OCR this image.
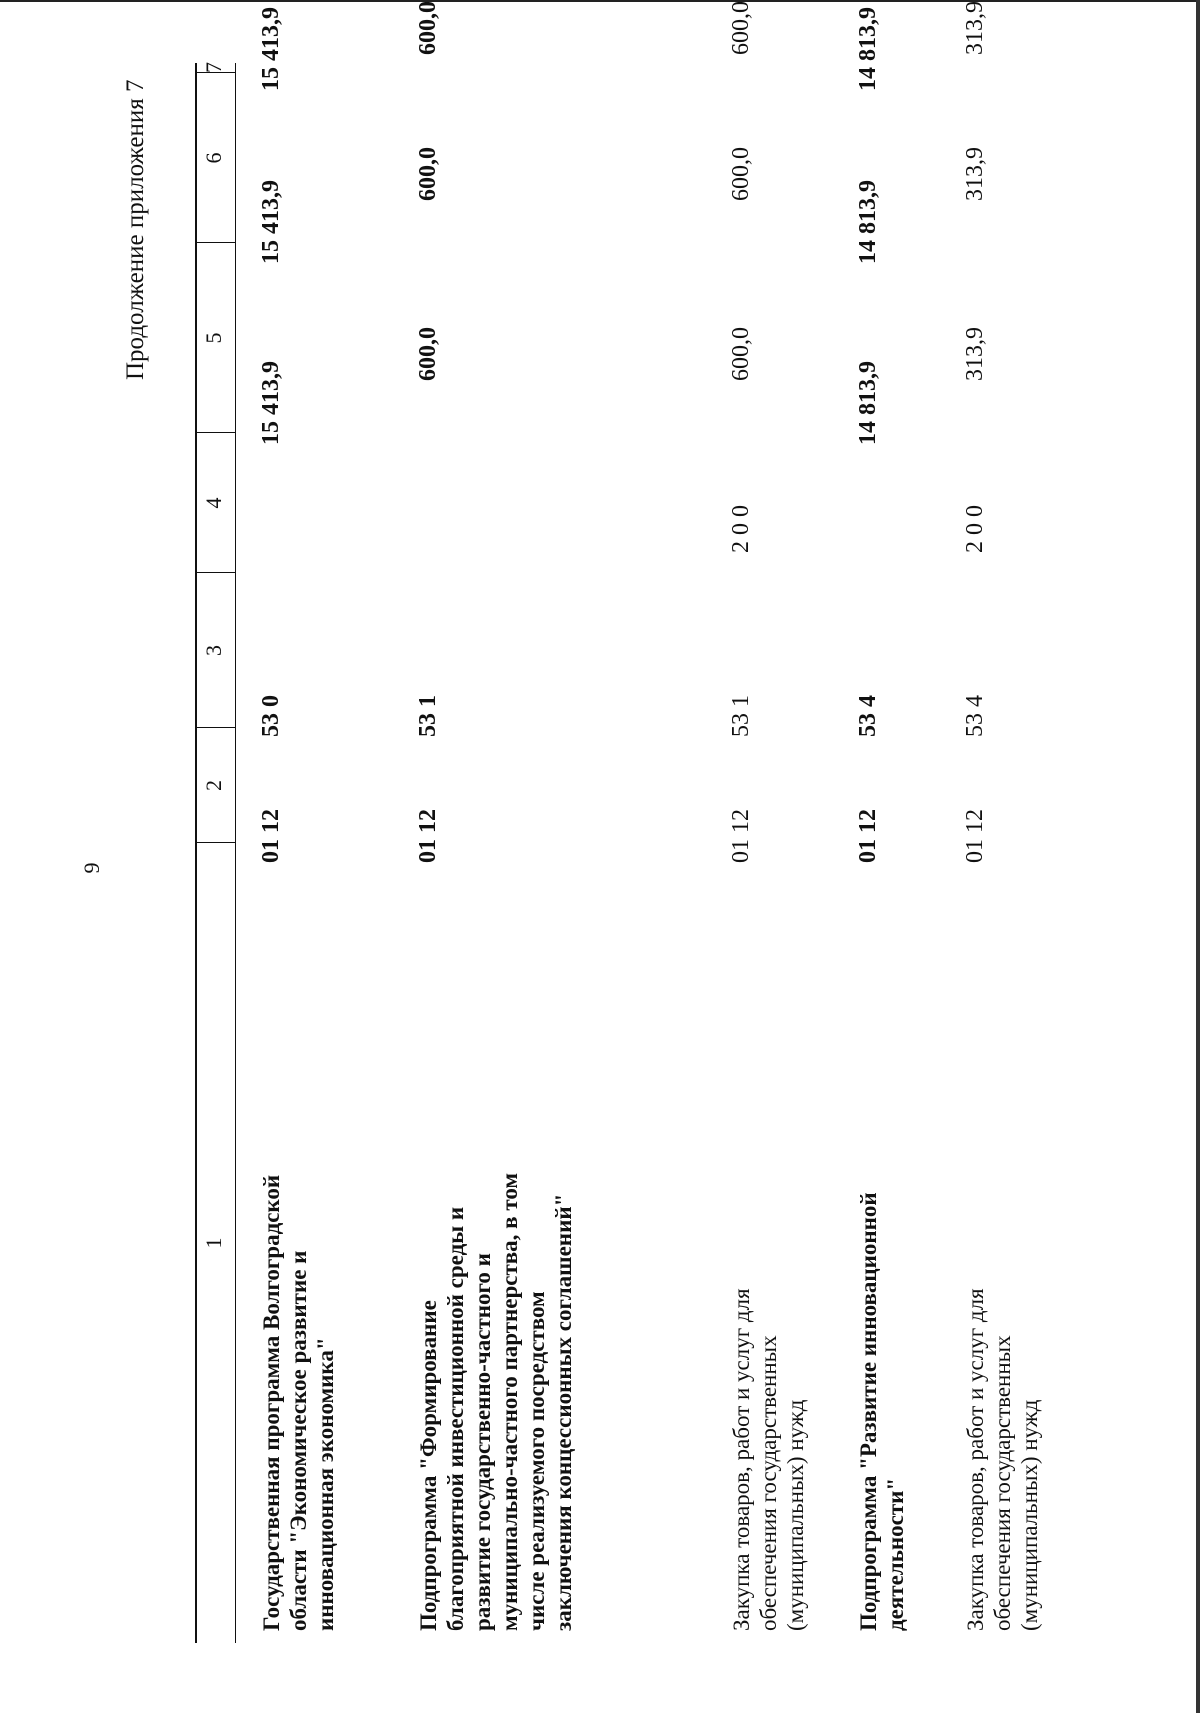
9
Продолжение приложения 7
1
2
3
4
5
6
7
Государственная программа Волгоградской области "Экономическое развитие и инновационная экономика"
01 12
53 0
15 413,9
15 413,9
15 413,9
Подпрограмма "Формирование благоприятной инвестиционной среды и развитие государственно-частного и муниципально-частного партнерства, в том числе реализуемого посредством заключения концессионных соглашений"
01 12
53 1
600,0
600,0
600,0
Закупка товаров, работ и услуг для обеспечения государственных (муниципальных) нужд
01 12
53 1
2 0 0
600,0
600,0
600,0
Подпрограмма "Развитие инновационной деятельности"
01 12
53 4
14 813,9
14 813,9
14 813,9
Закупка товаров, работ и услуг для обеспечения государственных (муниципальных) нужд
01 12
53 4
2 0 0
313,9
313,9
313,9
